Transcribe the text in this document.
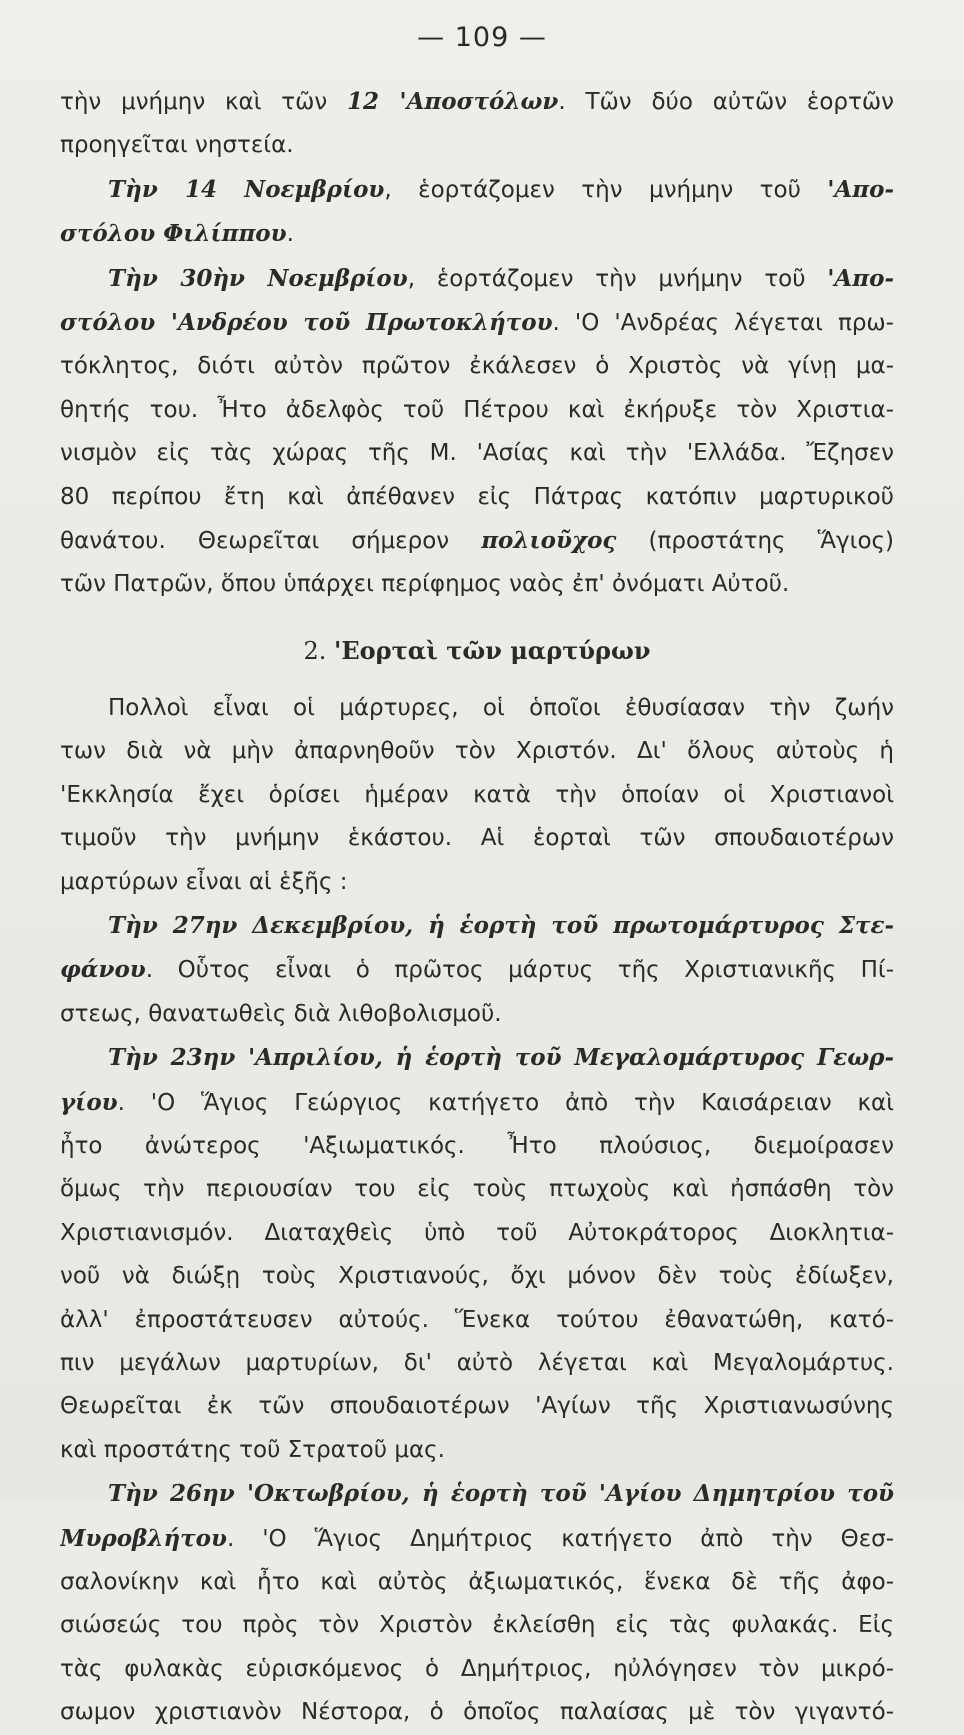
— 109 —
τὴν μνήμην καὶ τῶν 12 'Αποστόλων. Τῶν δύο αὐτῶν ἑορτῶν
προηγεῖται νηστεία.
Τὴν 14 Νοεμβρίου, ἑορτάζομεν τὴν μνήμην τοῦ 'Απο-
στόλου Φιλίππου.
Τὴν 30ὴν Νοεμβρίου, ἑορτάζομεν τὴν μνήμην τοῦ 'Απο-
στόλου 'Ανδρέου τοῦ Πρωτοκλήτου. 'Ο 'Ανδρέας λέγεται πρω-
τόκλητος, διότι αὐτὸν πρῶτον ἐκάλεσεν ὁ Χριστὸς νὰ γίνῃ μα-
θητής του. Ἦτο ἀδελφὸς τοῦ Πέτρου καὶ ἐκήρυξε τὸν Χριστια-
νισμὸν εἰς τὰς χώρας τῆς Μ. 'Ασίας καὶ τὴν 'Ελλάδα. Ἔζησεν
80 περίπου ἔτη καὶ ἀπέθανεν εἰς Πάτρας κατόπιν μαρτυρικοῦ
θανάτου. Θεωρεῖται σήμερον πολιοῦχος (προστάτης Ἅγιος)
τῶν Πατρῶν, ὅπου ὑπάρχει περίφημος ναὸς ἐπ' ὀνόματι Αὐτοῦ.
2. 'Εορταὶ τῶν μαρτύρων
Πολλοὶ εἶναι οἱ μάρτυρες, οἱ ὁποῖοι ἐθυσίασαν τὴν ζωήν
των διὰ νὰ μὴν ἀπαρνηθοῦν τὸν Χριστόν. Δι' ὅλους αὐτοὺς ἡ
'Εκκλησία ἔχει ὁρίσει ἡμέραν κατὰ τὴν ὁποίαν οἱ Χριστιανοὶ
τιμοῦν τὴν μνήμην ἑκάστου. Αἱ ἑορταὶ τῶν σπουδαιοτέρων
μαρτύρων εἶναι αἱ ἑξῆς :
Τὴν 27ην Δεκεμβρίου, ἡ ἑορτὴ τοῦ πρωτομάρτυρος Στε-
φάνου. Οὗτος εἶναι ὁ πρῶτος μάρτυς τῆς Χριστιανικῆς Πί-
στεως, θανατωθεὶς διὰ λιθοβολισμοῦ.
Τὴν 23ην 'Απριλίου, ἡ ἑορτὴ τοῦ Μεγαλομάρτυρος Γεωρ-
γίου. 'Ο Ἅγιος Γεώργιος κατήγετο ἀπὸ τὴν Καισάρειαν καὶ
ἦτο ἀνώτερος 'Αξιωματικός. Ἦτο πλούσιος, διεμοίρασεν
ὅμως τὴν περιουσίαν του εἰς τοὺς πτωχοὺς καὶ ἠσπάσθη τὸν
Χριστιανισμόν. Διαταχθεὶς ὑπὸ τοῦ Αὐτοκράτορος Διοκλητια-
νοῦ νὰ διώξῃ τοὺς Χριστιανούς, ὄχι μόνον δὲν τοὺς ἐδίωξεν,
ἀλλ' ἐπροστάτευσεν αὐτούς. Ἕνεκα τούτου ἐθανατώθη, κατό-
πιν μεγάλων μαρτυρίων, δι' αὐτὸ λέγεται καὶ Μεγαλομάρτυς.
Θεωρεῖται ἐκ τῶν σπουδαιοτέρων 'Αγίων τῆς Χριστιανωσύνης
καὶ προστάτης τοῦ Στρατοῦ μας.
Τὴν 26ην 'Οκτωβρίου, ἡ ἑορτὴ τοῦ 'Αγίου Δημητρίου τοῦ
Μυροβλήτου. 'Ο Ἅγιος Δημήτριος κατήγετο ἀπὸ τὴν Θεσ-
σαλονίκην καὶ ἦτο καὶ αὐτὸς ἀξιωματικός, ἕνεκα δὲ τῆς ἀφο-
σιώσεώς του πρὸς τὸν Χριστὸν ἐκλείσθη εἰς τὰς φυλακάς. Εἰς
τὰς φυλακὰς εὑρισκόμενος ὁ Δημήτριος, ηὐλόγησεν τὸν μικρό-
σωμον χριστιανὸν Νέστορα, ὁ ὁποῖος παλαίσας μὲ τὸν γιγαντό-
